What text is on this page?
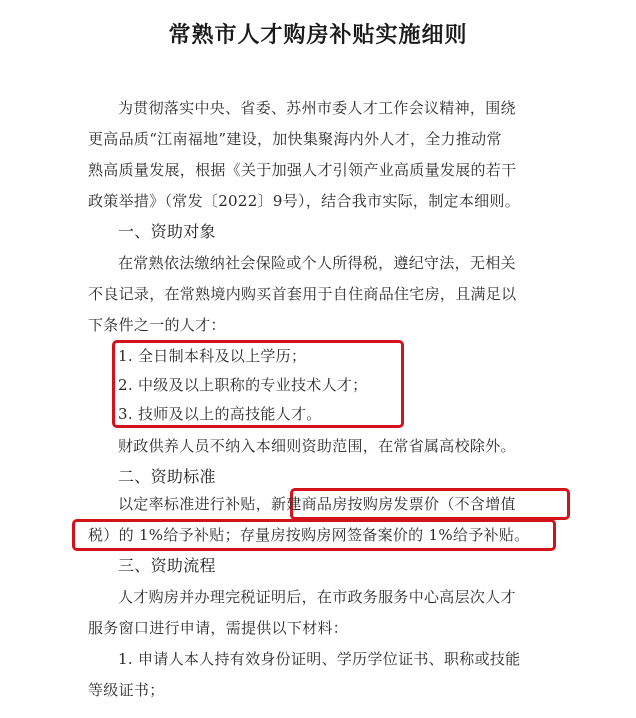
常熟市人才购房补贴实施细则
为贯彻落实中央、省委、苏州市委人才工作会议精神，围绕
更高品质“江南福地”建设，加快集聚海内外人才，全力推动常
熟高质量发展，根据《关于加强人才引领产业高质量发展的若干
政策举措》（常发〔2022〕9号），结合我市实际，制定本细则。
一、资助对象
在常熟依法缴纳社会保险或个人所得税，遵纪守法，无相关
不良记录，在常熟境内购买首套用于自住商品住宅房，且满足以
下条件之一的人才：
1. 全日制本科及以上学历；
2. 中级及以上职称的专业技术人才；
3. 技师及以上的高技能人才。
财政供养人员不纳入本细则资助范围，在常省属高校除外。
二、资助标准
以定率标准进行补贴，新建商品房按购房发票价（不含增值
税）的 1%给予补贴；存量房按购房网签备案价的 1%给予补贴。
三、资助流程
人才购房并办理完税证明后，在市政务服务中心高层次人才
服务窗口进行申请，需提供以下材料：
1. 申请人本人持有效身份证明、学历学位证书、职称或技能
等级证书；
